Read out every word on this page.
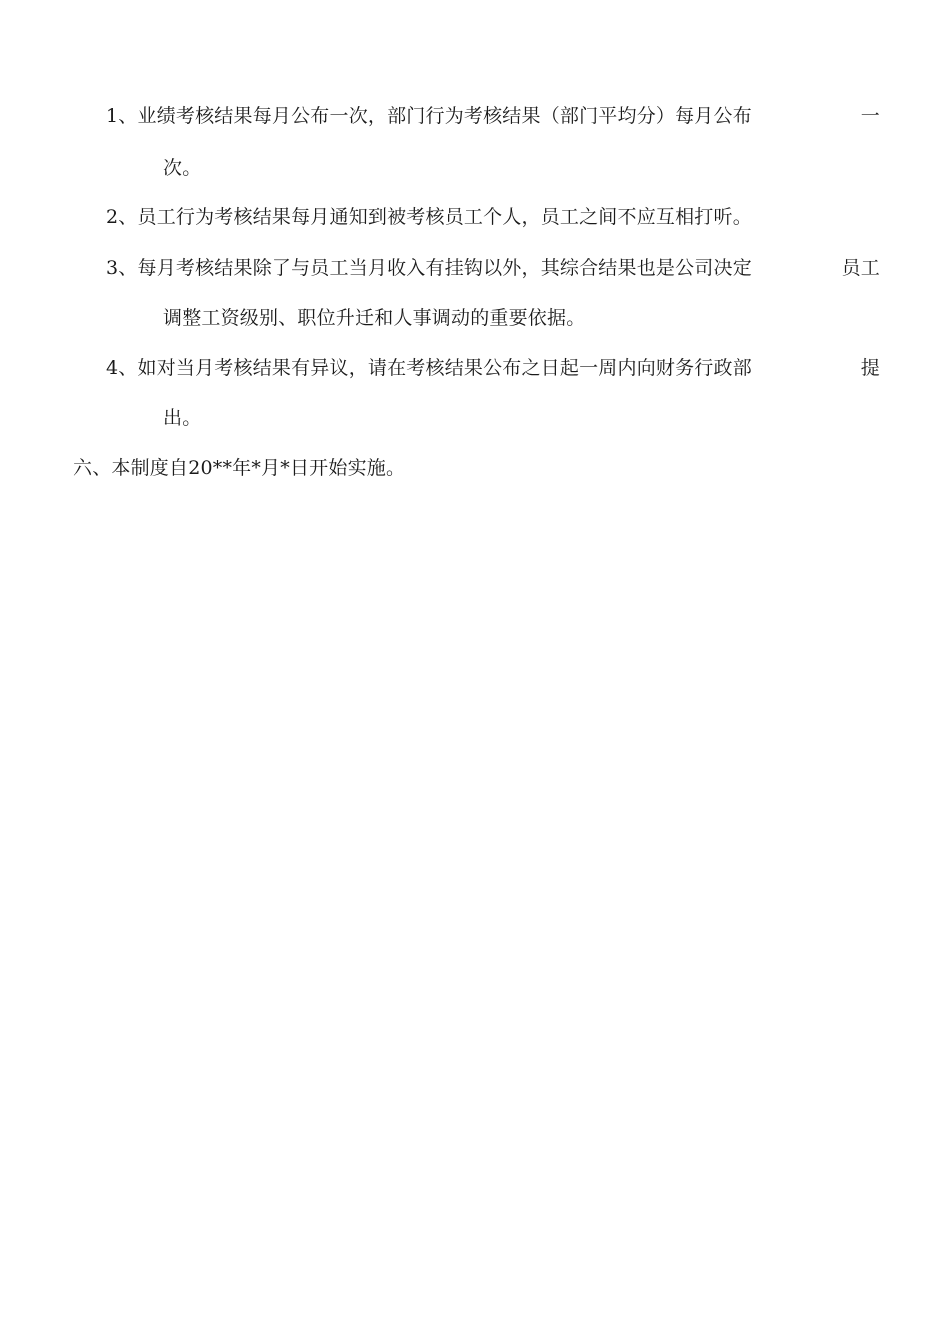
1、业绩考核结果每月公布一次，部门行为考核结果（部门平均分）每月公布	一
次。
2、员工行为考核结果每月通知到被考核员工个人，员工之间不应互相打听。
3、每月考核结果除了与员工当月收入有挂钩以外，其综合结果也是公司决定	员工
调整工资级别、职位升迁和人事调动的重要依据。
4、如对当月考核结果有异议，请在考核结果公布之日起一周内向财务行政部	提
出。
六、本制度自20**年*月*日开始实施。
